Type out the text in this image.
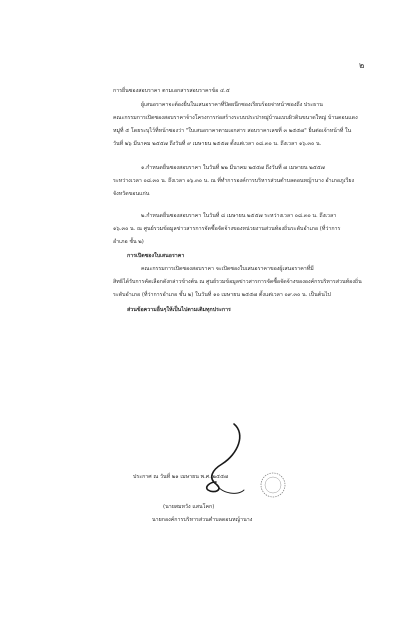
๒
การยื่นซองสอบราคา ตามเอกสารสอบราคาข้อ ๔.๕
ผู้เสนอราคาจะต้องยื่นในเสนอราคาที่ปิดผนึกซองเรียบร้อยจ่าหน้าซองถึง ประธาน
คณะกรรมการเปิดซองสอบราคาจ้างโครงการก่อสร้างระบบประปาหมู่บ้านแบบผิวดินขนาดใหญ่ บ้านดอนแดง
หมู่ที่ ๕ โดยระบุไว้ที่หน้าซองว่า "ใบเสนอราคาตามเอกสาร สอบราคาเลขที่ ๓ ๒๕๕๗" ยื่นต่อเจ้าหน้าที่ ใน
วันที่ ๒๖ มีนาคม ๒๕๕๗ ถึงวันที่ ๙ เมษายน ๒๕๕๗ ตั้งแต่เวลา ๐๘.๓๐ น. ถึงเวลา ๑๖.๓๐ น.
๑.กำหนดยื่นซองสอบราคา ในวันที่ ๒๒ มีนาคม ๒๕๕๗ ถึงวันที่ ๗ เมษายน ๒๕๕๗
ระหว่างเวลา ๐๘.๓๐ น. ถึงเวลา ๑๖.๓๐ น. ณ ที่ทำการองค์การบริหารส่วนตำบลดอนหญ้านาง อำเภอภูเวียง
จังหวัดขอนแก่น
๒.กำหนดยื่นซองสอบราคา ในวันที่ ๘ เมษายน ๒๕๕๗ ระหว่างเวลา ๐๘.๓๐ น. ถึงเวลา
๑๖.๓๐ น. ณ ศูนย์รวมข้อมูลข่าวสารการจัดซื้อจัดจ้างของหน่วยงานส่วนท้องถิ่นระดับอำเภอ (ที่ว่าการ
อำเภอ ชั้น ๒)
การเปิดซองใบเสนอราคา
คณะกรรมการเปิดซองสอบราคา จะเปิดซองใบเสนอราคาของผู้เสนอราคาที่มี
สิทธิได้รับการคัดเลือกดังกล่าวข้างต้น ณ ศูนย์รวมข้อมูลข่าวสารการจัดซื้อจัดจ้างขององค์กรบริหารส่วนท้องถิ่น
ระดับอำเภอ (ที่ว่าการอำเภอ ชั้น ๒) ในวันที่ ๑๐ เมษายน ๒๕๕๗ ตั้งแต่เวลา ๐๙.๓๐ น. เป็นต้นไป
ส่วนข้อความอื่นๆให้เป็นไปตามเดิมทุกประการ
ประกาศ ณ วันที่ ๒๑ เมษายน พ.ศ. ๒๕๕๗
(นายสมหวัง แสนโคก)
นายกองค์การบริหารส่วนตำบลดอนหญ้านาง
